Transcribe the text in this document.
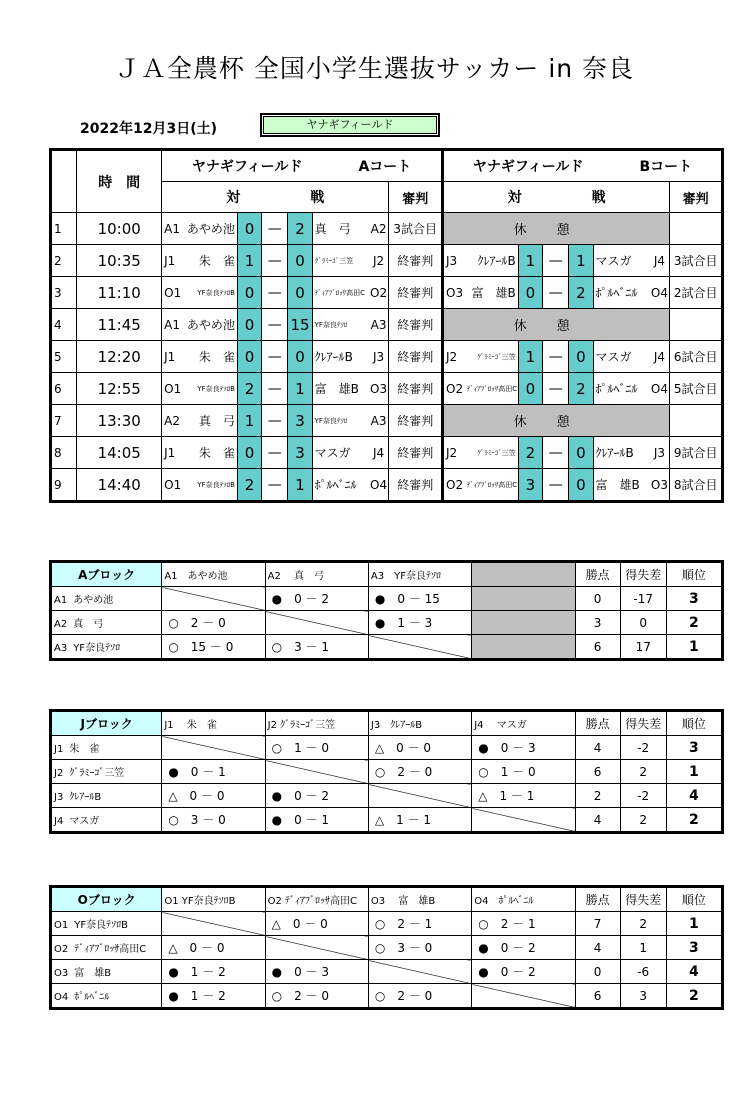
ＪＡ全農杯 全国小学生選抜サッカー in 奈良
2022年12月3日(土)	ヤナギフィールド
	時　間	ヤナギフィールド　　　　Aコート								ヤナギフィールド　　　　Bコート							
		対　　　　　戦							審判	対　　　　　戦							審判
1	10:00	A1	あやめ池	0	—	2	真　弓	A2	3試合目	休憩							
2	10:35	J1	朱　雀	1	—	0	ｸﾞﾗﾐｰｺﾞ三笠	J2	終審判	J3	ｸﾚｱｰﾙB	1	—	1	マスガ	J4	3試合目
3	11:10	O1	YF奈良ﾃｿﾛB	0	—	0	ﾃﾞｨｱﾌﾞﾛｯｻ高田C	O2	終審判	O3	富　雄B	0	—	2	ﾎﾟﾙﾍﾞﾆﾙ	O4	2試合目
4	11:45	A1	あやめ池	0	—	15	YF奈良ﾃｿﾛ	A3	終審判	休憩							
5	12:20	J1	朱　雀	0	—	0	ｸﾚｱｰﾙB	J3	終審判	J2	ｸﾞﾗﾐｰｺﾞ三笠	1	—	0	マスガ	J4	6試合目
6	12:55	O1	YF奈良ﾃｿﾛB	2	—	1	富　雄B	O3	終審判	O2	ﾃﾞｨｱﾌﾞﾛｯｻ高田C	0	—	2	ﾎﾟﾙﾍﾞﾆﾙ	O4	5試合目
7	13:30	A2	真　弓	1	—	3	YF奈良ﾃｿﾛ	A3	終審判	休憩							
8	14:05	J1	朱　雀	0	—	3	マスガ	J4	終審判	J2	ｸﾞﾗﾐｰｺﾞ三笠	2	—	0	ｸﾚｱｰﾙB	J3	9試合目
9	14:40	O1	YF奈良ﾃｿﾛB	2	—	1	ﾎﾟﾙﾍﾞﾆﾙ	O4	終審判	O2	ﾃﾞｨｱﾌﾞﾛｯｻ高田C	3	—	0	富　雄B	O3	8試合目
Aブロック	A1　あやめ池	A2　 真　弓	A3　YF奈良ﾃｿﾛ		勝点	得失差	順位
A1 あやめ池		●　0 － 2	●　0 － 15		0	-17	3
A2 真　弓	○　2 － 0		●　1 － 3		3	0	2
A3 YF奈良ﾃｿﾛ	○　15 － 0	○　3 － 1			6	17	1
Jブロック	J1　 朱　雀	J2 ｸﾞﾗﾐｰｺﾞ三笠	J3　ｸﾚｱｰﾙB	J4　 マスガ	勝点	得失差	順位
J1 朱　雀		○　1 － 0	△　0 － 0	●　0 － 3	4	-2	3
J2 ｸﾞﾗﾐｰｺﾞ三笠	●　0 － 1		○　2 － 0	○　1 － 0	6	2	1
J3 ｸﾚｱｰﾙB	△　0 － 0	●　0 － 2		△　1 － 1	2	-2	4
J4 マスガ	○　3 － 0	●　0 － 1	△　1 － 1		4	2	2
Oブロック	O1 YF奈良ﾃｿﾛB	O2 ﾃﾞｨｱﾌﾞﾛｯｻ高田C	O3　 富　雄B	O4　ﾎﾟﾙﾍﾞﾆﾙ	勝点	得失差	順位
O1 YF奈良ﾃｿﾛB		△　0 － 0	○　2 － 1	○　2 － 1	7	2	1
O2 ﾃﾞｨｱﾌﾞﾛｯｻ高田C	△　0 － 0		○　3 － 0	●　0 － 2	4	1	3
O3 富　雄B	●　1 － 2	●　0 － 3		●　0 － 2	0	-6	4
O4 ﾎﾟﾙﾍﾞﾆﾙ	●　1 － 2	○　2 － 0	○　2 － 0		6	3	2
